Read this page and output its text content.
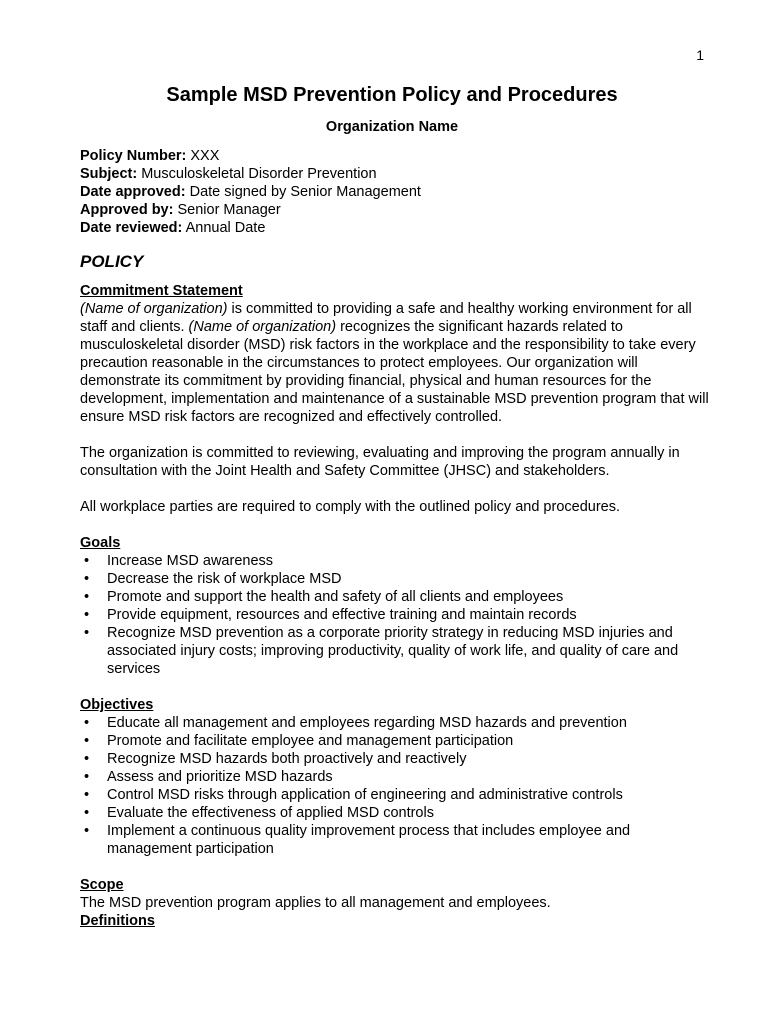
1
Sample MSD Prevention Policy and Procedures
Organization Name

Policy Number: XXX

Subject: Musculoskeletal Disorder Prevention

Date approved: Date signed by Senior Management

Approved by: Senior Manager

Date reviewed: Annual Date

POLICY

Commitment Statement

(Name of organization) is committed to providing a safe and healthy working environment for all staff and clients. (Name of organization) recognizes the significant hazards related to musculoskeletal disorder (MSD) risk factors in the workplace and the responsibility to take every precaution reasonable in the circumstances to protect employees. Our organization will demonstrate its commitment by providing financial, physical and human resources for the development, implementation and maintenance of a sustainable MSD prevention program that will ensure MSD risk factors are recognized and effectively controlled.

The organization is committed to reviewing, evaluating and improving the program annually in consultation with the Joint Health and Safety Committee (JHSC) and stakeholders.

All workplace parties are required to comply with the outlined policy and procedures.

Goals

• Increase MSD awareness
• Decrease the risk of workplace MSD
• Promote and support the health and safety of all clients and employees
• Provide equipment, resources and effective training and maintain records
• Recognize MSD prevention as a corporate priority strategy in reducing MSD injuries and associated injury costs; improving productivity, quality of work life, and quality of care and services

Objectives

• Educate all management and employees regarding MSD hazards and prevention
• Promote and facilitate employee and management participation
• Recognize MSD hazards both proactively and reactively
• Assess and prioritize MSD hazards
• Control MSD risks through application of engineering and administrative controls
• Evaluate the effectiveness of applied MSD controls
• Implement a continuous quality improvement process that includes employee and management participation

Scope

The MSD prevention program applies to all management and employees.

Definitions
